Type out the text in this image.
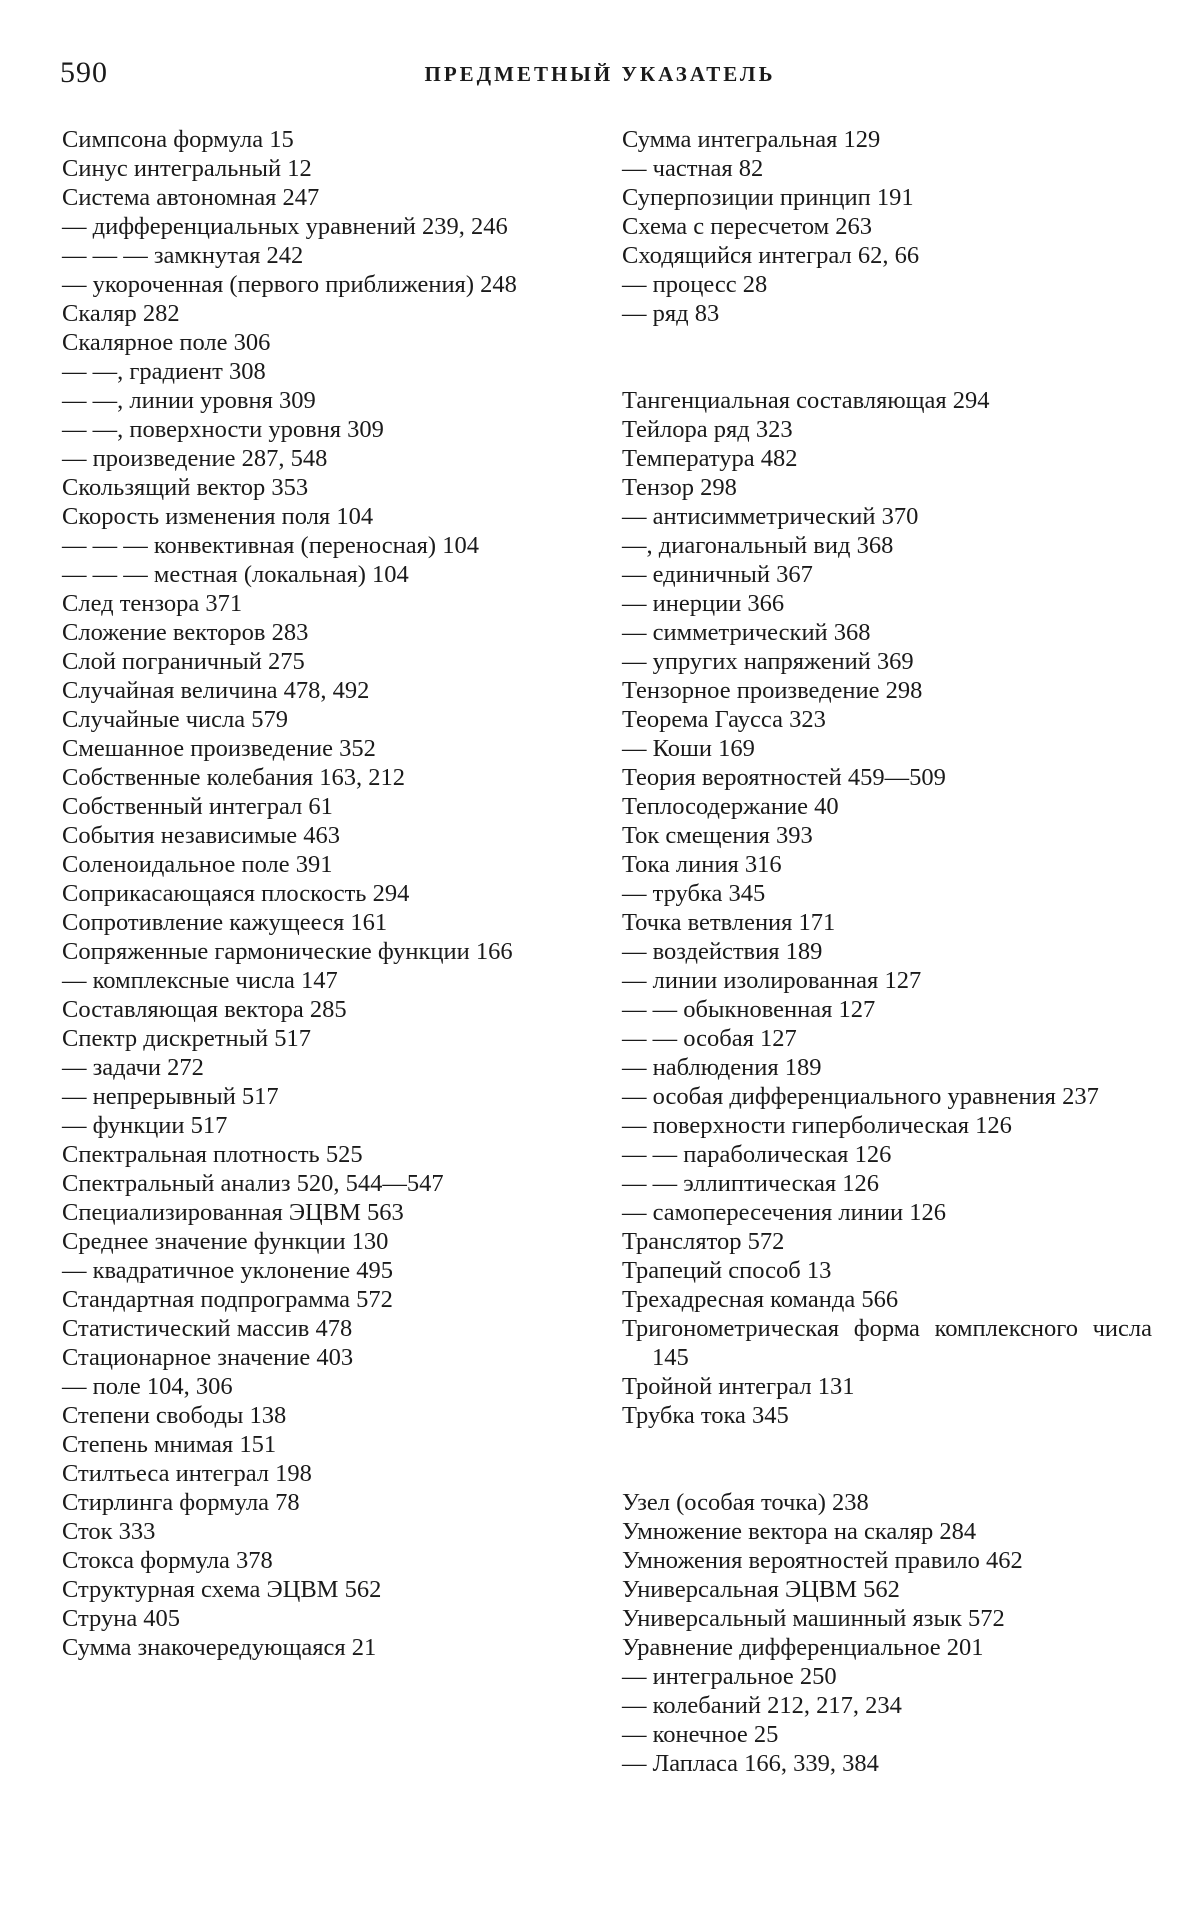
590	ПРЕДМЕТНЫЙ УКАЗАТЕЛЬ
Симпсона формула 15
Синус интегральный 12
Система автономная 247
— дифференциальных уравнений 239, 246
— — — замкнутая 242
— укороченная (первого приближения) 248
Скаляр 282
Скалярное поле 306
— —, градиент 308
— —, линии уровня 309
— —, поверхности уровня 309
— произведение 287, 548
Скользящий вектор 353
Скорость изменения поля 104
— — — конвективная (переносная) 104
— — — местная (локальная) 104
След тензора 371
Сложение векторов 283
Слой пограничный 275
Случайная величина 478, 492
Случайные числа 579
Смешанное произведение 352
Собственные колебания 163, 212
Собственный интеграл 61
События независимые 463
Соленоидальное поле 391
Соприкасающаяся плоскость 294
Сопротивление кажущееся 161
Сопряженные гармонические функции 166
— комплексные числа 147
Составляющая вектора 285
Спектр дискретный 517
— задачи 272
— непрерывный 517
— функции 517
Спектральная плотность 525
Спектральный анализ 520, 544—547
Специализированная ЭЦВМ 563
Среднее значение функции 130
— квадратичное уклонение 495
Стандартная подпрограмма 572
Статистический массив 478
Стационарное значение 403
— поле 104, 306
Степени свободы 138
Степень мнимая 151
Стилтьеса интеграл 198
Стирлинга формула 78
Сток 333
Стокса формула 378
Структурная схема ЭЦВМ 562
Струна 405
Сумма знакочередующаяся 21
Сумма интегральная 129
— частная 82
Суперпозиции принцип 191
Схема с пересчетом 263
Сходящийся интеграл 62, 66
— процесс 28
— ряд 83
Тангенциальная составляющая 294
Тейлора ряд 323
Температура 482
Тензор 298
— антисимметрический 370
—, диагональный вид 368
— единичный 367
— инерции 366
— симметрический 368
— упругих напряжений 369
Тензорное произведение 298
Теорема Гаусса 323
— Коши 169
Теория вероятностей 459—509
Теплосодержание 40
Ток смещения 393
Тока линия 316
— трубка 345
Точка ветвления 171
— воздействия 189
— линии изолированная 127
— — обыкновенная 127
— — особая 127
— наблюдения 189
— особая дифференциального уравнения 237
— поверхности гиперболическая 126
— — параболическая 126
— — эллиптическая 126
— самопересечения линии 126
Транслятор 572
Трапеций способ 13
Трехадресная команда 566
Тригонометрическая форма комплексного числа 145
Тройной интеграл 131
Трубка тока 345
Узел (особая точка) 238
Умножение вектора на скаляр 284
Умножения вероятностей правило 462
Универсальная ЭЦВМ 562
Универсальный машинный язык 572
Уравнение дифференциальное 201
— интегральное 250
— колебаний 212, 217, 234
— конечное 25
— Лапласа 166, 339, 384
